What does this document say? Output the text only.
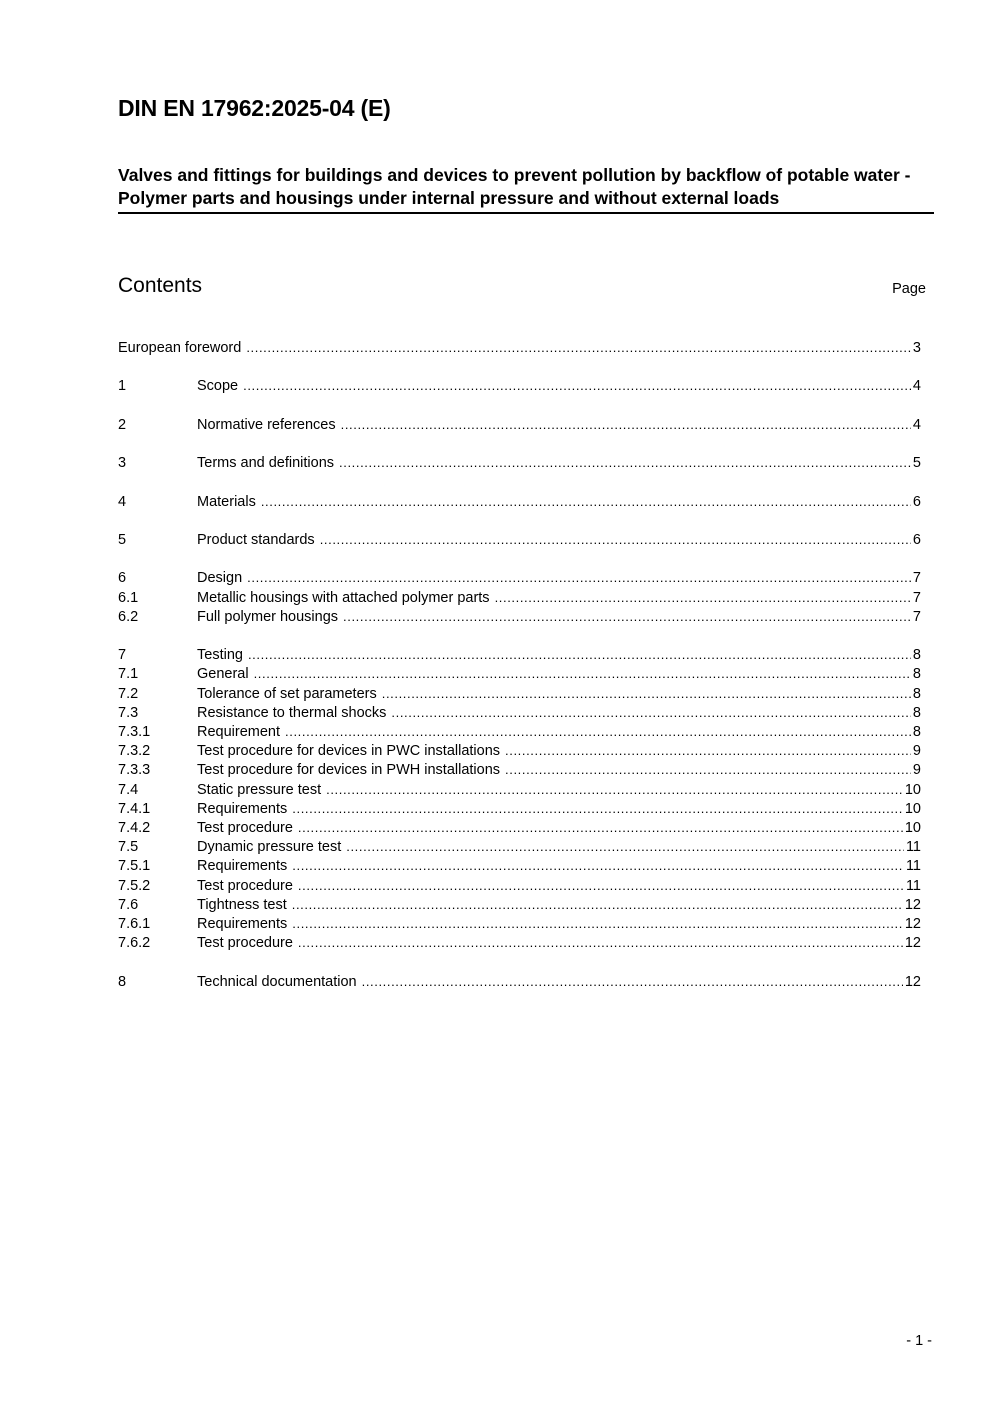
DIN EN 17962:2025-04 (E)
Valves and fittings for buildings and devices to prevent pollution by backflow of potable water - Polymer parts and housings under internal pressure and without external loads
Contents	Page
European foreword .....	3
1	Scope .....	4
2	Normative references .....	4
3	Terms and definitions .....	5
4	Materials .....	6
5	Product standards .....	6
6	Design .....	7
6.1	Metallic housings with attached polymer parts .....	7
6.2	Full polymer housings .....	7
7	Testing .....	8
7.1	General .....	8
7.2	Tolerance of set parameters .....	8
7.3	Resistance to thermal shocks .....	8
7.3.1	Requirement .....	8
7.3.2	Test procedure for devices in PWC installations .....	9
7.3.3	Test procedure for devices in PWH installations .....	9
7.4	Static pressure test .....	10
7.4.1	Requirements .....	10
7.4.2	Test procedure .....	10
7.5	Dynamic pressure test .....	11
7.5.1	Requirements .....	11
7.5.2	Test procedure .....	11
7.6	Tightness test .....	12
7.6.1	Requirements .....	12
7.6.2	Test procedure .....	12
8	Technical documentation .....	12
- 1 -
